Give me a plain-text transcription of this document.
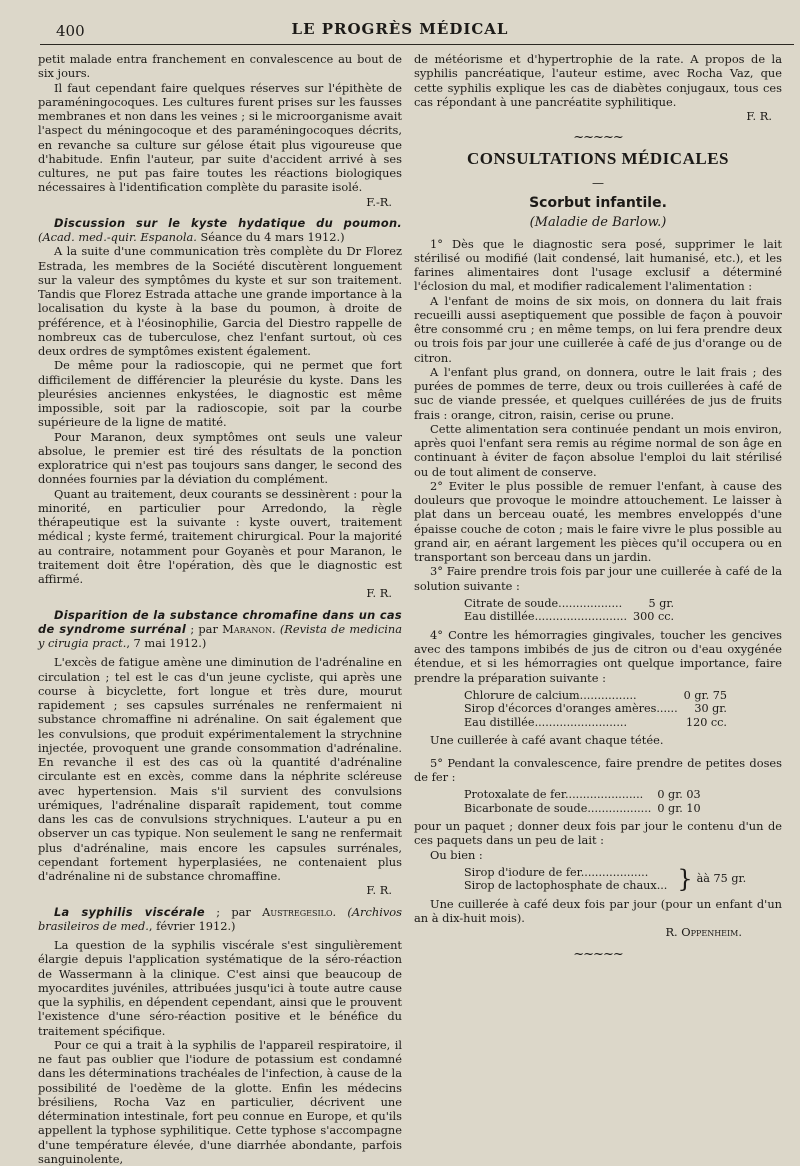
400	LE PROGRÈS MÉDICAL

petit malade entra franchement en convalescence au bout de six jours.

Il faut cependant faire quelques réserves sur l'épithète de paraméningocoques. Les cultures furent prises sur les fausses membranes et non dans les veines ; si le microorganisme avait l'aspect du méningocoque et des paraméningocoques décrits, en revanche sa culture sur gélose était plus vigoureuse que d'habitude. Enfin l'auteur, par suite d'accident arrivé à ses cultures, ne put pas faire toutes les réactions biologiques nécessaires à l'identification complète du parasite isolé.

F.-R.

Discussion sur le kyste hydatique du poumon. (Acad. med.-quir. Espanola. Séance du 4 mars 1912.)

A la suite d'une communication très complète du Dr Florez Estrada, les membres de la Société discutèrent longuement sur la valeur des symptômes du kyste et sur son traitement. Tandis que Florez Estrada attache une grande importance à la localisation du kyste à la base du poumon, à droite de préférence, et à l'éosinophilie, Garcia del Diestro rappelle de nombreux cas de tuberculose, chez l'enfant surtout, où ces deux ordres de symptômes existent également.

De même pour la radioscopie, qui ne permet que fort difficilement de différencier la pleurésie du kyste. Dans les pleurésies anciennes enkystées, le diagnostic est même impossible, soit par la radioscopie, soit par la courbe supérieure de la ligne de matité.

Pour Maranon, deux symptômes ont seuls une valeur absolue, le premier est tiré des résultats de la ponction exploratrice qui n'est pas toujours sans danger, le second des données fournies par la déviation du complément.

Quant au traitement, deux courants se dessinèrent : pour la minorité, en particulier pour Arredondo, la règle thérapeutique est la suivante : kyste ouvert, traitement médical ; kyste fermé, traitement chirurgical. Pour la majorité au contraire, notamment pour Goyanès et pour Maranon, le traitement doit être l'opération, dès que le diagnostic est affirmé.

F. R.

Disparition de la substance chromafine dans un cas de syndrome surrénal ; par Maranon. (Revista de medicina y cirugia pract., 7 mai 1912.)

L'excès de fatigue amène une diminution de l'adrénaline en circulation ; tel est le cas d'un jeune cycliste, qui après une course à bicyclette, fort longue et très dure, mourut rapidement ; ses capsules surrénales ne renfermaient ni substance chromaffine ni adrénaline. On sait également que les convulsions, que produit expérimentalement la strychnine injectée, provoquent une grande consommation d'adrénaline. En revanche il est des cas où la quantité d'adrénaline circulante est en excès, comme dans la néphrite scléreuse avec hypertension. Mais s'il survient des convulsions urémiques, l'adrénaline disparaît rapidement, tout comme dans les cas de convulsions strychniques. L'auteur a pu en observer un cas typique. Non seulement le sang ne renfermait plus d'adrénaline, mais encore les capsules surrénales, cependant fortement hyperplasiées, ne contenaient plus d'adrénaline ni de substance chromaffine.

F. R.

La syphilis viscérale ; par Austregesilo. (Archivos brasileiros de med., février 1912.)

La question de la syphilis viscérale s'est singulièrement élargie depuis l'application systématique de la séro-réaction de Wassermann à la clinique. C'est ainsi que beaucoup de myocardites juvéniles, attribuées jusqu'ici à toute autre cause que la syphilis, en dépendent cependant, ainsi que le prouvent l'existence d'une séro-réaction positive et le bénéfice du traitement spécifique.

Pour ce qui a trait à la syphilis de l'appareil respiratoire, il ne faut pas oublier que l'iodure de potassium est condamné dans les déterminations trachéales de l'infection, à cause de la possibilité de l'oedème de la glotte. Enfin les médecins brésiliens, Rocha Vaz en particulier, décrivent une détermination intestinale, fort peu connue en Europe, et qu'ils appellent la typhose syphilitique. Cette typhose s'accompagne d'une température élevée, d'une diarrhée abondante, parfois sanguinolente,

de météorisme et d'hypertrophie de la rate. A propos de la syphilis pancréatique, l'auteur estime, avec Rocha Vaz, que cette syphilis explique les cas de diabètes conjugaux, tous ces cas répondant à une pancréatite syphilitique.

F. R.

~~~~~
CONSULTATIONS MÉDICALES
—
Scorbut infantile.
(Maladie de Barlow.)

1° Dès que le diagnostic sera posé, supprimer le lait stérilisé ou modifié (lait condensé, lait humanisé, etc.), et les farines alimentaires dont l'usage exclusif a déterminé l'éclosion du mal, et modifier radicalement l'alimentation :

A l'enfant de moins de six mois, on donnera du lait frais recueilli aussi aseptiquement que possible de façon à pouvoir être consommé cru ; en même temps, on lui fera prendre deux ou trois fois par jour une cuillerée à café de jus d'orange ou de citron.

A l'enfant plus grand, on donnera, outre le lait frais ; des purées de pommes de terre, deux ou trois cuillerées à café de suc de viande pressée, et quelques cuillérées de jus de fruits frais : orange, citron, raisin, cerise ou prune.

Cette alimentation sera continuée pendant un mois environ, après quoi l'enfant sera remis au régime normal de son âge en continuant à éviter de façon absolue l'emploi du lait stérilisé ou de tout aliment de conserve.

2° Eviter le plus possible de remuer l'enfant, à cause des douleurs que provoque le moindre attouchement. Le laisser à plat dans un berceau ouaté, les membres enveloppés d'une épaisse couche de coton ; mais le faire vivre le plus possible au grand air, en aérant largement les pièces qu'il occupera ou en transportant son berceau dans un jardin.

3° Faire prendre trois fois par jour une cuillerée à café de la solution suivante :

Citrate de soude..................	5 gr.
Eau distillée..........................	300 cc.

4° Contre les hémorragies gingivales, toucher les gencives avec des tampons imbibés de jus de citron ou d'eau oxygénée étendue, et si les hémorragies ont quelque importance, faire prendre la préparation suivante :

Chlorure de calcium................	0 gr. 75
Sirop d'écorces d'oranges amères......	30 gr.
Eau distillée..........................	120 cc.

Une cuillerée à café avant chaque tétée.

5° Pendant la convalescence, faire prendre de petites doses de fer :

Protoxalate de fer......................	0 gr. 03
Bicarbonate de soude..................	0 gr. 10

pour un paquet ; donner deux fois par jour le contenu d'un de ces paquets dans un peu de lait :

Ou bien :

Sirop d'iodure de fer...................	} àà 75 gr.
Sirop de lactophosphate de chaux...

Une cuillerée à café deux fois par jour (pour un enfant d'un an à dix-huit mois).

R. Oppenheim.

~~~~~
